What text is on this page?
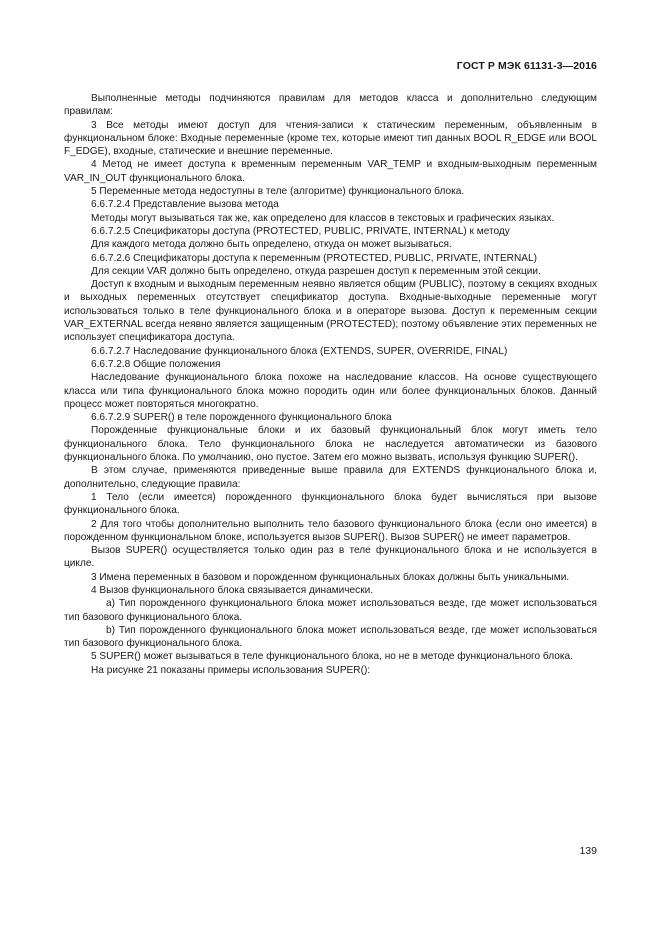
ГОСТ Р МЭК 61131-3—2016

Выполненные методы подчиняются правилам для методов класса и дополнительно следующим правилам:

3 Все методы имеют доступ для чтения-записи к статическим переменным, объявленным в функциональном блоке: Входные переменные (кроме тех, которые имеют тип данных BOOL R_EDGE или BOOL F_EDGE), входные, статические и внешние переменные.

4 Метод не имеет доступа к временным переменным VAR_TEMP и входным-выходным переменным VAR_IN_OUT функционального блока.

5 Переменные метода недоступны в теле (алгоритме) функционального блока.

6.6.7.2.4 Представление вызова метода

Методы могут вызываться так же, как определено для классов в текстовых и графических языках.

6.6.7.2.5 Спецификаторы доступа (PROTECTED, PUBLIC, PRIVATE, INTERNAL) к методу

Для каждого метода должно быть определено, откуда он может вызываться.

6.6.7.2.6 Спецификаторы доступа к переменным (PROTECTED, PUBLIC, PRIVATE, INTERNAL)

Для секции VAR должно быть определено, откуда разрешен доступ к переменным этой секции.

Доступ к входным и выходным переменным неявно является общим (PUBLIC), поэтому в секциях входных и выходных переменных отсутствует спецификатор доступа. Входные-выходные переменные могут использоваться только в теле функционального блока и в операторе вызова. Доступ к переменным секции VAR_EXTERNAL всегда неявно является защищенным (PROTECTED); поэтому объявление этих переменных не использует спецификатора доступа.

6.6.7.2.7 Наследование функционального блока (EXTENDS, SUPER, OVERRIDE, FINAL)

6.6.7.2.8 Общие положения

Наследование функционального блока похоже на наследование классов. На основе существующего класса или типа функционального блока можно породить один или более функциональных блоков. Данный процесс может повторяться многократно.

6.6.7.2.9 SUPER() в теле порожденного функционального блока

Порожденные функциональные блоки и их базовый функциональный блок могут иметь тело функционального блока. Тело функционального блока не наследуется автоматически из базового функционального блока. По умолчанию, оно пустое. Затем его можно вызвать, используя функцию SUPER().

В этом случае, применяются приведенные выше правила для EXTENDS функционального блока и, дополнительно, следующие правила:

1 Тело (если имеется) порожденного функционального блока будет вычисляться при вызове функционального блока.

2 Для того чтобы дополнительно выполнить тело базового функционального блока (если оно имеется) в порожденном функциональном блоке, используется вызов SUPER(). Вызов SUPER() не имеет параметров.

Вызов SUPER() осуществляется только один раз в теле функционального блока и не используется в цикле.

3 Имена переменных в базовом и порожденном функциональных блоках должны быть уникальными.

4 Вызов функционального блока связывается динамически.

a) Тип порожденного функционального блока может использоваться везде, где может использоваться тип базового функционального блока.

b) Тип порожденного функционального блока может использоваться везде, где может использоваться тип базового функционального блока.

5 SUPER() может вызываться в теле функционального блока, но не в методе функционального блока.

На рисунке 21 показаны примеры использования SUPER():

139
